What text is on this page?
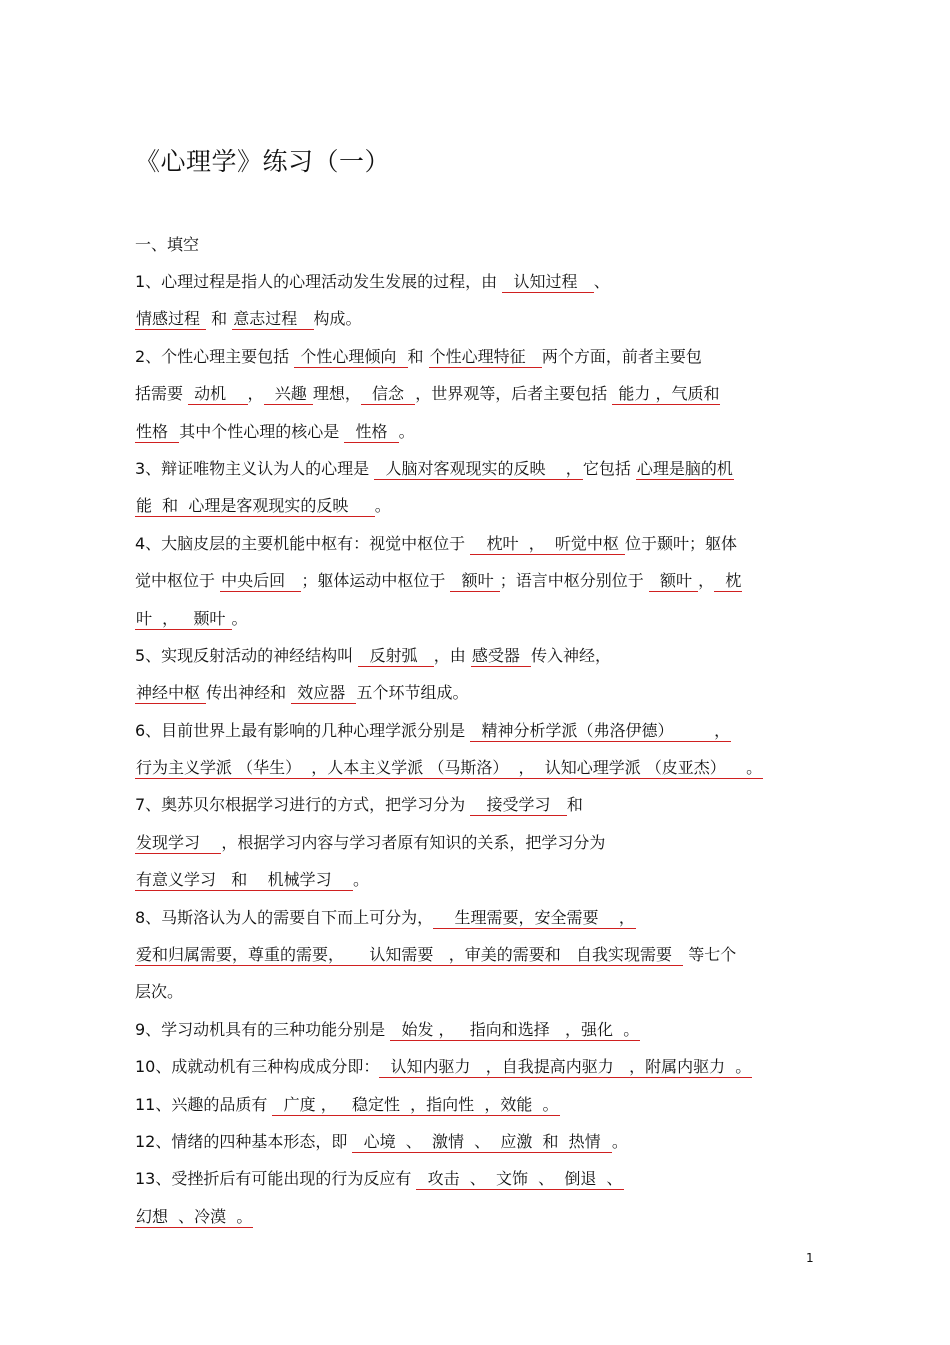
《心理学》练习（一）
一、填空
1、心理过程是指人的心理活动发生发展的过程，由   认知过程   、
情感过程  和 意志过程   构成。
2、个性心理主要包括  个性心理倾向  和 个性心理特征   两个方面，前者主要包
括需要  动机    ，  兴趣 理想，  信念  ，世界观等，后者主要包括  能力 ，气质和
性格  其中个性心理的核心是   性格  。
3、辩证唯物主义认为人的心理是   人脑对客观现实的反映    ，它包括 心理是脑的机
能  和  心理是客观现实的反映     。
4、大脑皮层的主要机能中枢有：视觉中枢位于    枕叶  ，  听觉中枢 位于颞叶；躯体
觉中枢位于 中央后回   ；躯体运动中枢位于   额叶 ；语言中枢分别位于   额叶 ，  枕
叶  ，   颞叶 。
5、实现反射活动的神经结构叫   反射弧   ，由 感受器  传入神经，
神经中枢 传出神经和  效应器  五个环节组成。
6、目前世界上最有影响的几种心理学派分别是   精神分析学派（弗洛伊德）        ，
行为主义学派 （华生）  ，人本主义学派 （马斯洛）  ，  认知心理学派 （皮亚杰）    。
7、奥苏贝尔根据学习进行的方式，把学习分为    接受学习   和
发现学习    ，根据学习内容与学习者原有知识的关系，把学习分为
有意义学习   和    机械学习    。
8、马斯洛认为人的需要自下而上可分为，    生理需要，安全需要    ，
爱和归属需要，尊重的需要，     认知需要   ，审美的需要和   自我实现需要   等七个
层次。
9、学习动机具有的三种功能分别是   始发 ，   指向和选择   ，强化  。
10、成就动机有三种构成成分即：  认知内驱力   ，自我提高内驱力   ，附属内驱力  。
11、兴趣的品质有   广度 ，   稳定性  ，指向性  ，效能  。
12、情绪的四种基本形态，即   心境  、  激情  、  应激  和  热情  。
13、受挫折后有可能出现的行为反应有   攻击  、  文饰  、  倒退  、
幻想  、冷漠  。
1
